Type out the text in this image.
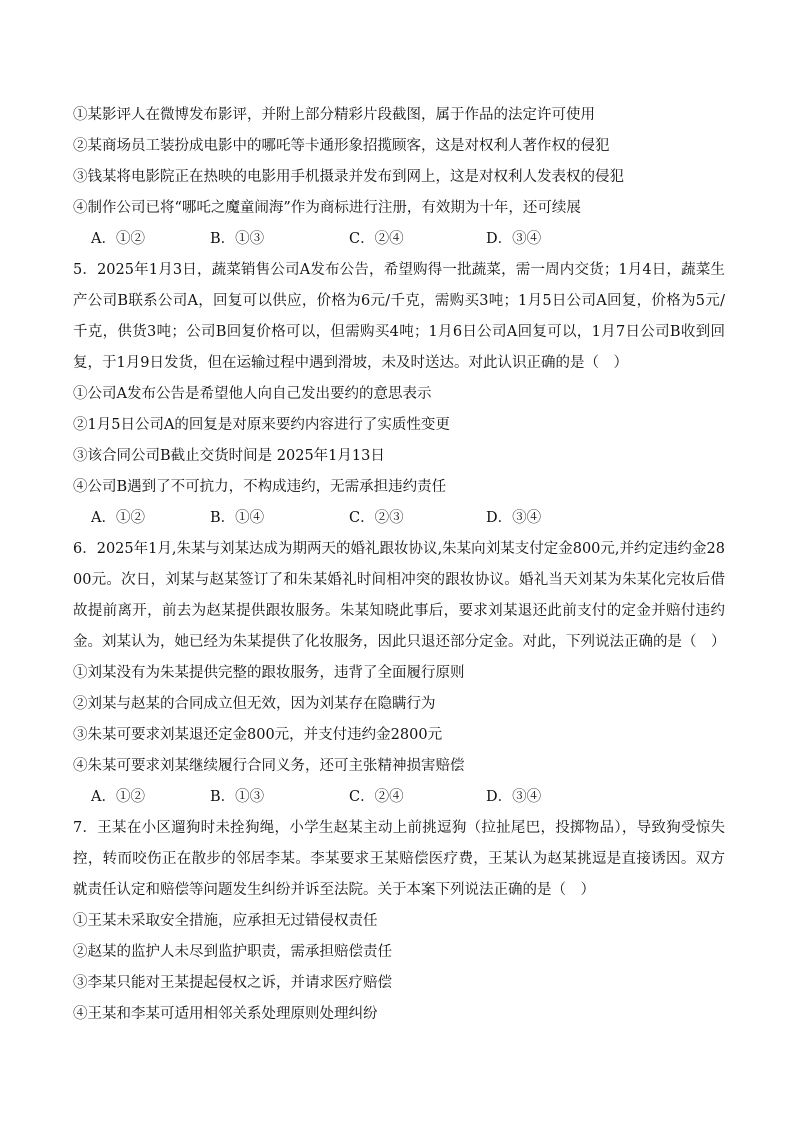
①某影评人在微博发布影评，并附上部分精彩片段截图，属于作品的法定许可使用
②某商场员工装扮成电影中的哪吒等卡通形象招揽顾客，这是对权利人著作权的侵犯
③钱某将电影院正在热映的电影用手机摄录并发布到网上，这是对权利人发表权的侵犯
④制作公司已将“哪吒之魔童闹海”作为商标进行注册，有效期为十年，还可续展
A．①②	B．①③	C．②④	D．③④
5．2025年1月3日，蔬菜销售公司A发布公告，希望购得一批蔬菜，需一周内交货；1月4日，蔬菜生产公司B联系公司A，回复可以供应，价格为6元/千克，需购买3吨；1月5日公司A回复，价格为5元/千克，供货3吨；公司B回复价格可以，但需购买4吨；1月6日公司A回复可以，1月7日公司B收到回复，于1月9日发货，但在运输过程中遇到滑坡，未及时送达。对此认识正确的是（　）
①公司A发布公告是希望他人向自己发出要约的意思表示
②1月5日公司A的回复是对原来要约内容进行了实质性变更
③该合同公司B截止交货时间是 2025年1月13日
④公司B遇到了不可抗力，不构成违约，无需承担违约责任
A．①②	B．①④	C．②③	D．③④
6．2025年1月,朱某与刘某达成为期两天的婚礼跟妆协议,朱某向刘某支付定金800元,并约定违约金2800元。次日，刘某与赵某签订了和朱某婚礼时间相冲突的跟妆协议。婚礼当天刘某为朱某化完妆后借故提前离开，前去为赵某提供跟妆服务。朱某知晓此事后，要求刘某退还此前支付的定金并赔付违约金。刘某认为，她已经为朱某提供了化妆服务，因此只退还部分定金。对此，下列说法正确的是（　）
①刘某没有为朱某提供完整的跟妆服务，违背了全面履行原则
②刘某与赵某的合同成立但无效，因为刘某存在隐瞒行为
③朱某可要求刘某退还定金800元，并支付违约金2800元
④朱某可要求刘某继续履行合同义务，还可主张精神损害赔偿
A．①②	B．①③	C．②④	D．③④
7．王某在小区遛狗时未拴狗绳，小学生赵某主动上前挑逗狗（拉扯尾巴，投掷物品），导致狗受惊失控，转而咬伤正在散步的邻居李某。李某要求王某赔偿医疗费，王某认为赵某挑逗是直接诱因。双方就责任认定和赔偿等问题发生纠纷并诉至法院。关于本案下列说法正确的是（　）
①王某未采取安全措施，应承担无过错侵权责任
②赵某的监护人未尽到监护职责，需承担赔偿责任
③李某只能对王某提起侵权之诉，并请求医疗赔偿
④王某和李某可适用相邻关系处理原则处理纠纷
